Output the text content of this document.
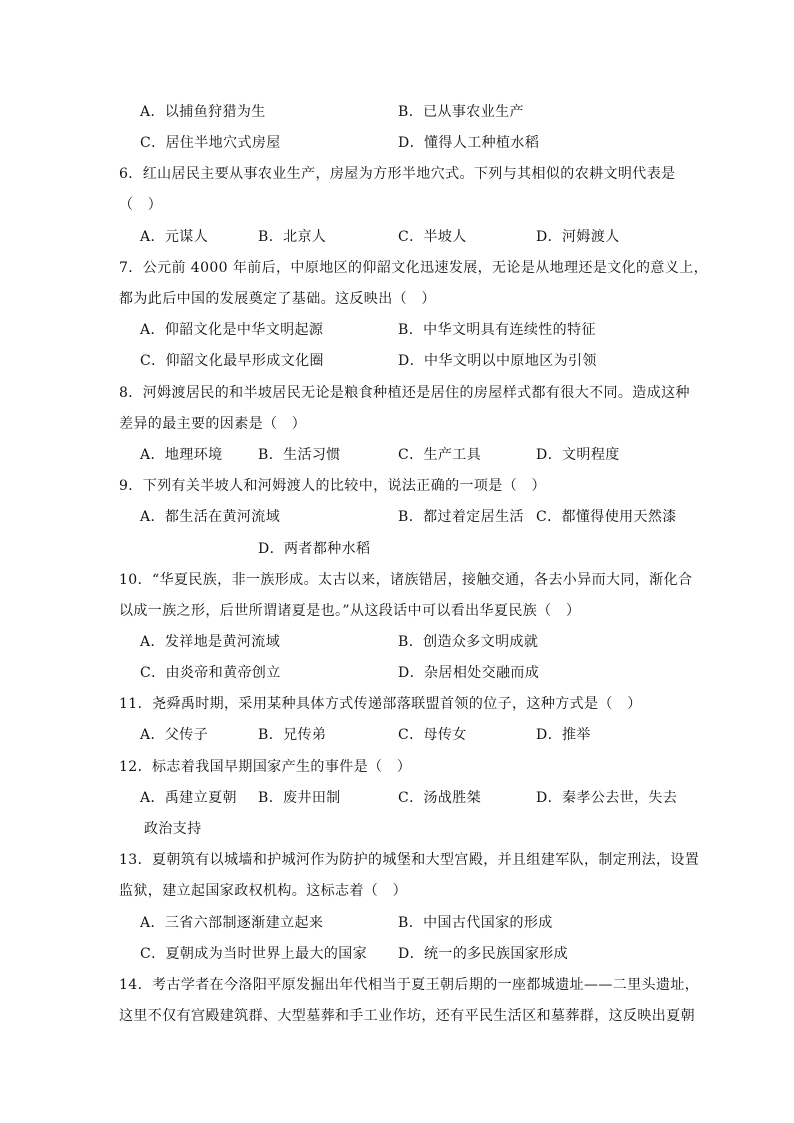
A．以捕鱼狩猎为生	B．已从事农业生产
C．居住半地穴式房屋	D．懂得人工种植水稻
6．红山居民主要从事农业生产，房屋为方形半地穴式。下列与其相似的农耕文明代表是
（　）
A．元谋人	B．北京人	C．半坡人	D．河姆渡人
7．公元前 4000 年前后，中原地区的仰韶文化迅速发展，无论是从地理还是文化的意义上，
都为此后中国的发展奠定了基础。这反映出（　）
A．仰韶文化是中华文明起源	B．中华文明具有连续性的特征
C．仰韶文化最早形成文化圈	D．中华文明以中原地区为引领
8．河姆渡居民的和半坡居民无论是粮食种植还是居住的房屋样式都有很大不同。造成这种
差异的最主要的因素是（　）
A．地理环境	B．生活习惯	C．生产工具	D．文明程度
9．下列有关半坡人和河姆渡人的比较中，说法正确的一项是（　）
A．都生活在黄河流域	B．都过着定居生活 C．都懂得使用天然漆
D．两者都种水稻
10．“华夏民族，非一族形成。太古以来，诸族错居，接触交通，各去小异而大同，渐化合
以成一族之形，后世所谓诸夏是也。”从这段话中可以看出华夏民族（　）
A．发祥地是黄河流域	B．创造众多文明成就
C．由炎帝和黄帝创立	D．杂居相处交融而成
11．尧舜禹时期，采用某种具体方式传递部落联盟首领的位子，这种方式是（　）
A．父传子	B．兄传弟	C．母传女	D．推举
12．标志着我国早期国家产生的事件是（　）
A．禹建立夏朝 B．废井田制	C．汤战胜桀	D．秦孝公去世，失去
政治支持
13．夏朝筑有以城墙和护城河作为防护的城堡和大型宫殿，并且组建军队，制定刑法，设置
监狱，建立起国家政权机构。这标志着（　）
A．三省六部制逐渐建立起来	B．中国古代国家的形成
C．夏朝成为当时世界上最大的国家 D．统一的多民族国家形成
14．考古学者在今洛阳平原发掘出年代相当于夏王朝后期的一座都城遗址——二里头遗址，
这里不仅有宫殿建筑群、大型墓葬和手工业作坊，还有平民生活区和墓葬群，这反映出夏朝
